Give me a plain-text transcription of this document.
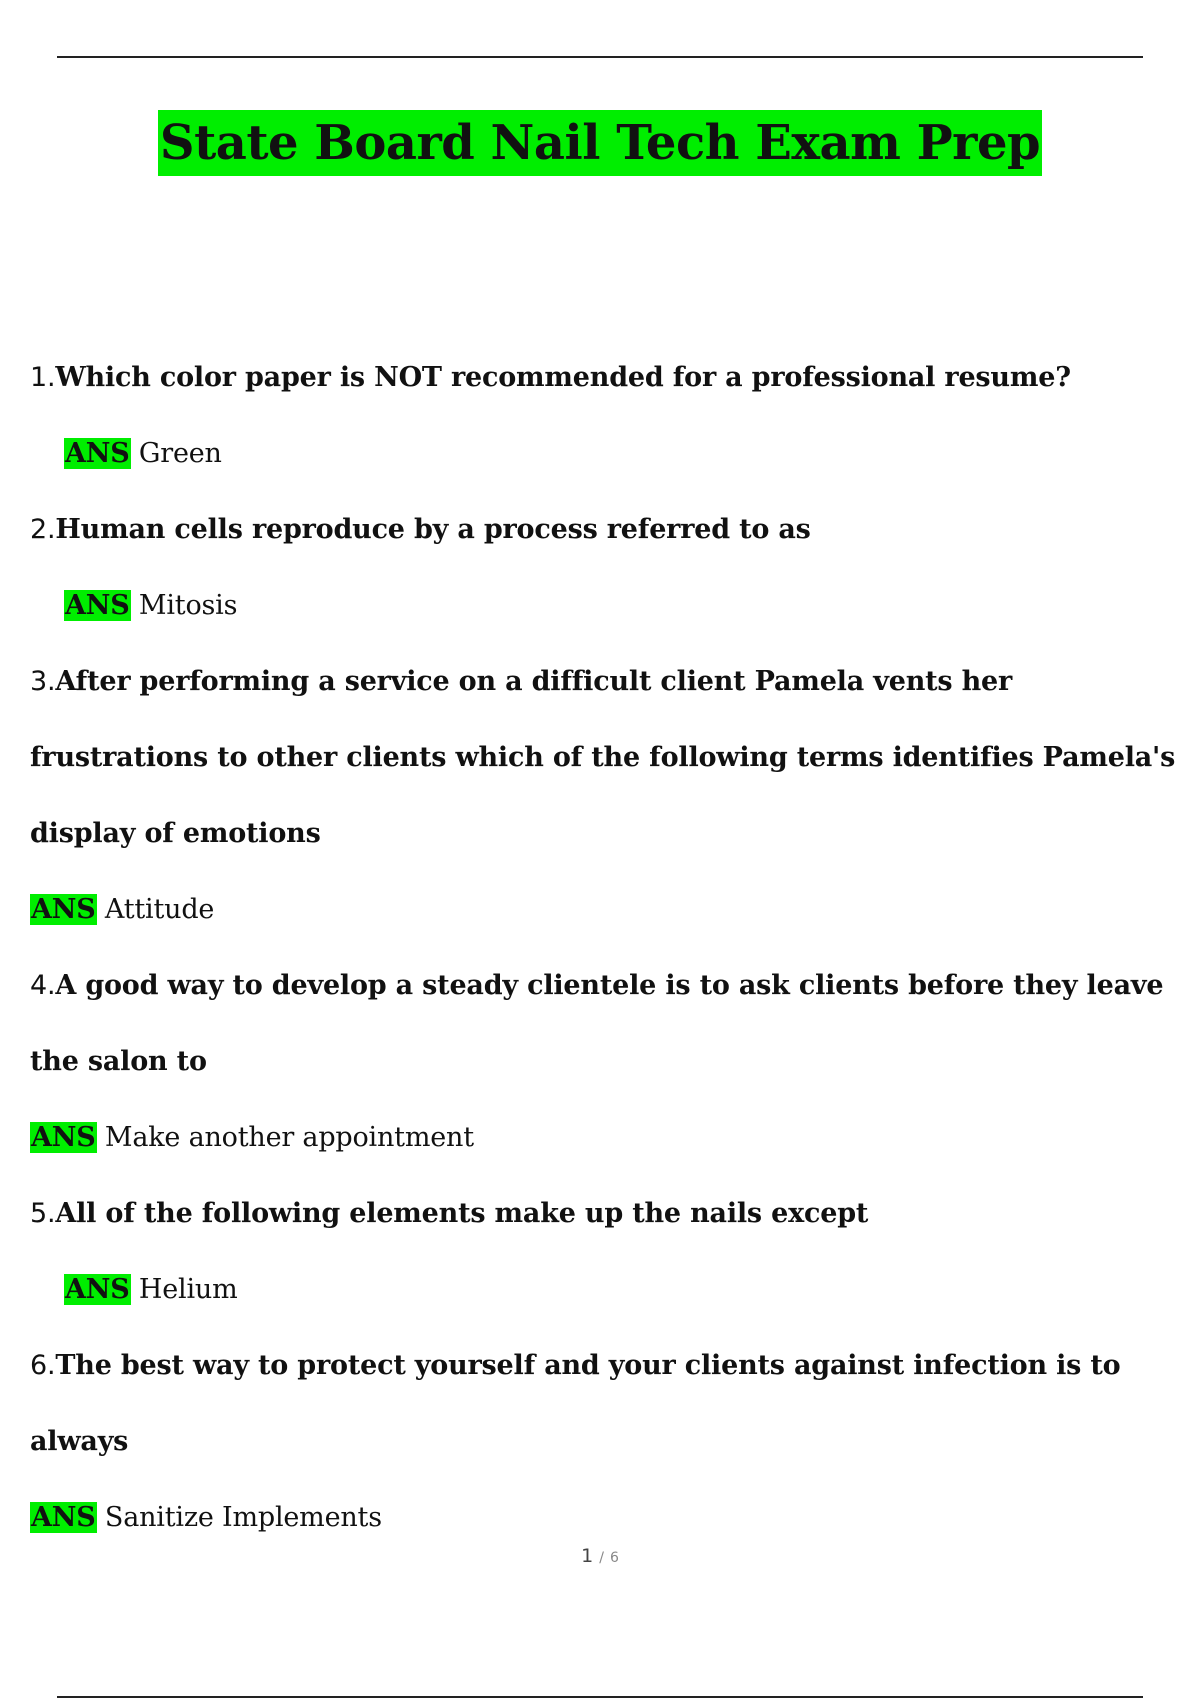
State Board Nail Tech Exam Prep

1.Which color paper is NOT recommended for a professional resume?

ANS Green

2.Human cells reproduce by a process referred to as

ANS Mitosis

3.After performing a service on a difficult client Pamela vents her frustrations to other clients which of the following terms identifies Pamela's display of emotions

ANS Attitude

4.A good way to develop a steady clientele is to ask clients before they leave the salon to

ANS Make another appointment

5.All of the following elements make up the nails except

ANS Helium

6.The best way to protect yourself and your clients against infection is to always

ANS Sanitize Implements

1 / 6
